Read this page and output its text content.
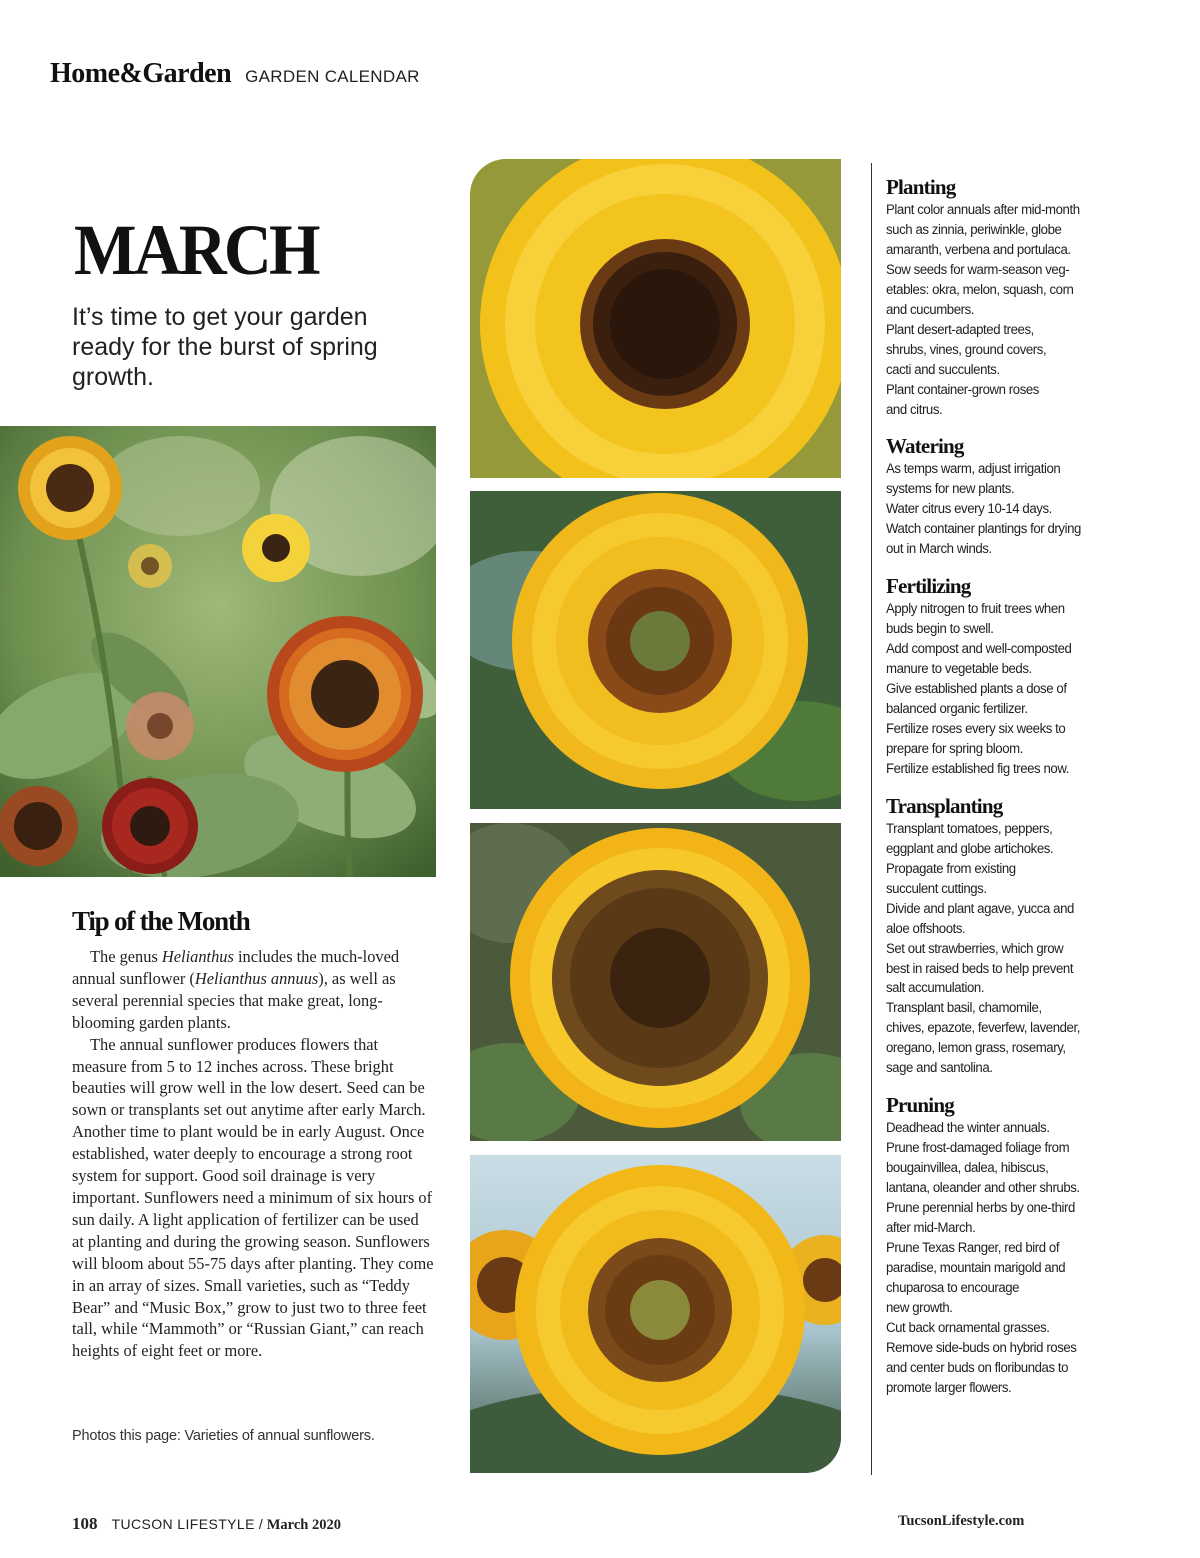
Home&Garden GARDEN CALENDAR
MARCH
It’s time to get your garden ready for the burst of spring growth.
Tip of the Month

The genus Helianthus includes the much-loved annual sunflower (Helianthus annuus), as well as several perennial species that make great, long-blooming garden plants.

The annual sunflower produces flowers that measure from 5 to 12 inches across. These bright beauties will grow well in the low desert. Seed can be sown or transplants set out anytime after early March. Another time to plant would be in early August. Once established, water deeply to encourage a strong root system for support. Good soil drainage is very important. Sunflowers need a minimum of six hours of sun daily. A light application of fertilizer can be used at planting and during the growing season. Sunflowers will bloom about 55-75 days after planting. They come in an array of sizes. Small varieties, such as “Teddy Bear” and “Music Box,” grow to just two to three feet tall, while “Mammoth” or “Russian Giant,” can reach heights of eight feet or more.

Photos this page: Varieties of annual sunflowers.
Planting
Plant color annuals after mid-month
such as zinnia, periwinkle, globe
amaranth, verbena and portulaca.
Sow seeds for warm-season veg-
etables: okra, melon, squash, corn
and cucumbers.
Plant desert-adapted trees,
shrubs, vines, ground covers,
cacti and succulents.
Plant container-grown roses
and citrus.
Watering
As temps warm, adjust irrigation
systems for new plants.
Water citrus every 10-14 days.
Watch container plantings for drying
out in March winds.
Fertilizing
Apply nitrogen to fruit trees when
buds begin to swell.
Add compost and well-composted
manure to vegetable beds.
Give established plants a dose of
balanced organic fertilizer.
Fertilize roses every six weeks to
prepare for spring bloom.
Fertilize established fig trees now.
Transplanting
Transplant tomatoes, peppers,
eggplant and globe artichokes.
Propagate from existing
succulent cuttings.
Divide and plant agave, yucca and
aloe offshoots.
Set out strawberries, which grow
best in raised beds to help prevent
salt accumulation.
Transplant basil, chamomile,
chives, epazote, feverfew, lavender,
oregano, lemon grass, rosemary,
sage and santolina.
Pruning
Deadhead the winter annuals.
Prune frost-damaged foliage from
bougainvillea, dalea, hibiscus,
lantana, oleander and other shrubs.
Prune perennial herbs by one-third
after mid-March.
Prune Texas Ranger, red bird of
paradise, mountain marigold and
chuparosa to encourage
new growth.
Cut back ornamental grasses.
Remove side-buds on hybrid roses
and center buds on floribundas to
promote larger flowers.
108 TUCSON LIFESTYLE / March 2020	TucsonLifestyle.com
